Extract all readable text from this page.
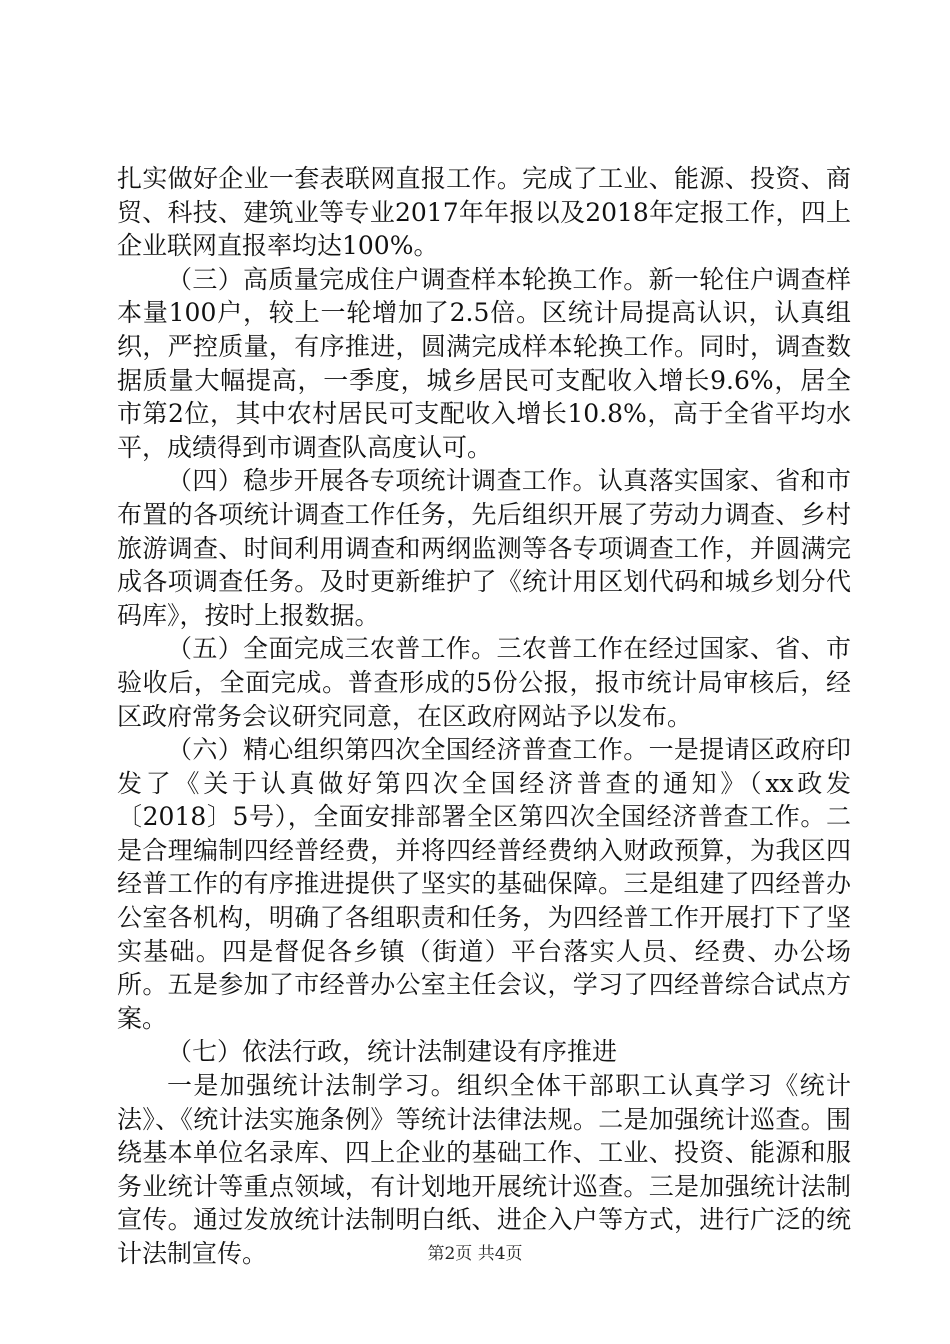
扎实做好企业一套表联网直报工作。完成了工业、能源、投资、商贸、科技、建筑业等专业2017年年报以及2018年定报工作，四上企业联网直报率均达100%。

（三）高质量完成住户调查样本轮换工作。新一轮住户调查样本量100户，较上一轮增加了2.5倍。区统计局提高认识，认真组织，严控质量，有序推进，圆满完成样本轮换工作。同时，调查数据质量大幅提高，一季度，城乡居民可支配收入增长9.6%，居全市第2位，其中农村居民可支配收入增长10.8%，高于全省平均水平，成绩得到市调查队高度认可。

（四）稳步开展各专项统计调查工作。认真落实国家、省和市布置的各项统计调查工作任务，先后组织开展了劳动力调查、乡村旅游调查、时间利用调查和两纲监测等各专项调查工作，并圆满完成各项调查任务。及时更新维护了《统计用区划代码和城乡划分代码库》，按时上报数据。

（五）全面完成三农普工作。三农普工作在经过国家、省、市验收后，全面完成。普查形成的5份公报，报市统计局审核后，经区政府常务会议研究同意，在区政府网站予以发布。

（六）精心组织第四次全国经济普查工作。一是提请区政府印发了《关于认真做好第四次全国经济普查的通知》（xx政发〔2018〕5号），全面安排部署全区第四次全国经济普查工作。二是合理编制四经普经费，并将四经普经费纳入财政预算，为我区四经普工作的有序推进提供了坚实的基础保障。三是组建了四经普办公室各机构，明确了各组职责和任务，为四经普工作开展打下了坚实基础。四是督促各乡镇（街道）平台落实人员、经费、办公场所。五是参加了市经普办公室主任会议，学习了四经普综合试点方案。

（七）依法行政，统计法制建设有序推进

一是加强统计法制学习。组织全体干部职工认真学习《统计法》、《统计法实施条例》等统计法律法规。二是加强统计巡查。围绕基本单位名录库、四上企业的基础工作、工业、投资、能源和服务业统计等重点领域，有计划地开展统计巡查。三是加强统计法制宣传。通过发放统计法制明白纸、进企入户等方式，进行广泛的统计法制宣传。	第2页 共4页
